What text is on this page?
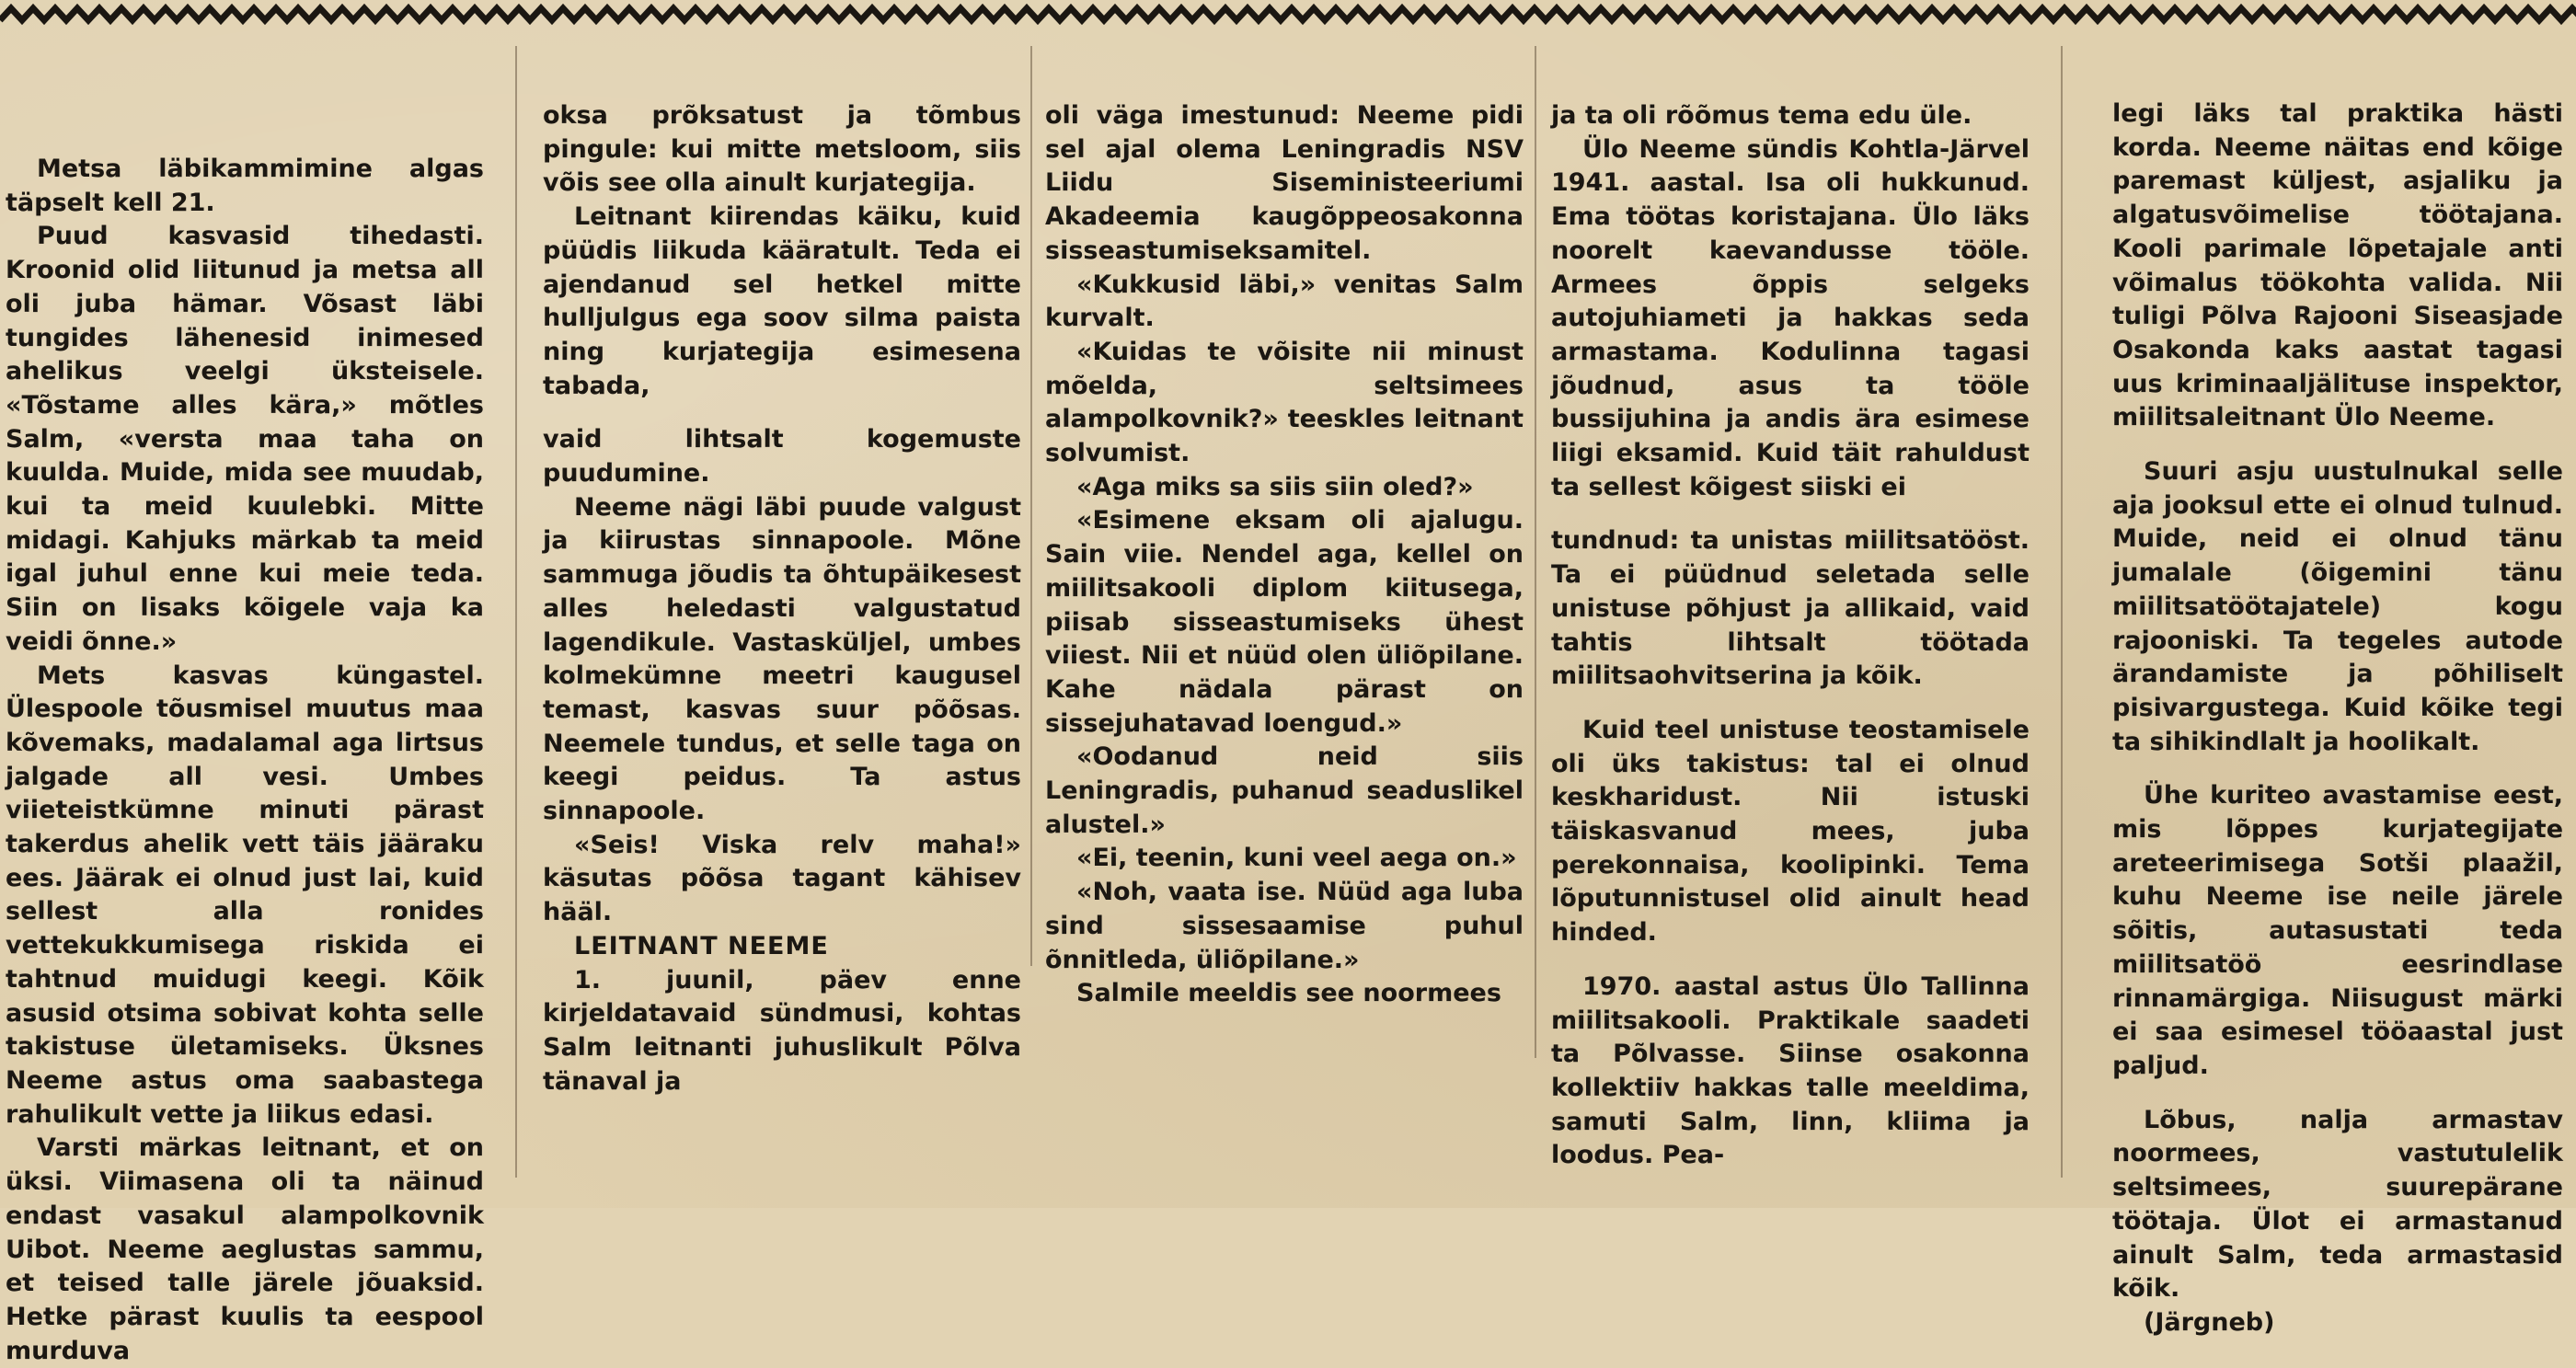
Metsa läbikammimine algas täpselt kell 21.

Puud kasvasid tihedasti. Kroonid olid liitunud ja metsa all oli juba hämar. Võsast läbi tungides lähenesid inimesed ahelikus veelgi üksteisele. «Tõstame alles kära,» mõtles Salm, «versta maa taha on kuulda. Muide, mida see muudab, kui ta meid kuulebki. Mitte midagi. Kahjuks märkab ta meid igal juhul enne kui meie teda. Siin on lisaks kõigele vaja ka veidi õnne.»

Mets kasvas küngastel. Ülespoole tõusmisel muutus maa kõvemaks, madalamal aga lirtsus jalgade all vesi. Umbes viieteistkümne minuti pärast takerdus ahelik vett täis jääraku ees. Jäärak ei olnud just lai, kuid sellest alla ronides vettekukkumisega riskida ei tahtnud muidugi keegi. Kõik asusid otsima sobivat kohta selle takistuse ületamiseks. Üksnes Neeme astus oma saabastega rahulikult vette ja liikus edasi.

Varsti märkas leitnant, et on üksi. Viimasena oli ta näinud endast vasakul alampolkovnik Uibot. Neeme aeglustas sammu, et teised talle järele jõuaksid. Hetke pärast kuulis ta eespool murduva

oksa prõksatust ja tõmbus pingule: kui mitte metsloom, siis võis see olla ainult kurjategija.

Leitnant kiirendas käiku, kuid püüdis liikuda kääratult. Teda ei ajendanud sel hetkel mitte hulljulgus ega soov silma paista ning kurjategija esimesena tabada,

vaid lihtsalt kogemuste puudumine.

Neeme nägi läbi puude valgust ja kiirustas sinnapoole. Mõne sammuga jõudis ta õhtupäikesest alles heledasti valgustatud lagendikule. Vastasküljel, umbes kolmekümne meetri kaugusel temast, kasvas suur põõsas. Neemele tundus, et selle taga on keegi peidus. Ta astus sinnapoole.

«Seis! Viska relv maha!» käsutas põõsa tagant kähisev hääl.

LEITNANT NEEME

1. juunil, päev enne kirjeldatavaid sündmusi, kohtas Salm leitnanti juhuslikult Põlva tänaval ja

oli väga imestunud: Neeme pidi sel ajal olema Leningradis NSV Liidu Siseministeeriumi Akadeemia kaugõppeosakonna sisseastumiseksamitel.

«Kukkusid läbi,» venitas Salm kurvalt.

«Kuidas te võisite nii minust mõelda, seltsimees alampolkovnik?» teeskles leitnant solvumist.

«Aga miks sa siis siin oled?»

«Esimene eksam oli ajalugu. Sain viie. Nendel aga, kellel on miilitsakooli diplom kiitusega, piisab sisseastumiseks ühest viiest. Nii et nüüd olen üliõpilane. Kahe nädala pärast on sissejuhatavad loengud.»

«Oodanud neid siis Leningradis, puhanud seaduslikel alustel.»

«Ei, teenin, kuni veel aega on.»

«Noh, vaata ise. Nüüd aga luba sind sissesaamise puhul õnnitleda, üliõpilane.»

Salmile meeldis see noormees

ja ta oli rõõmus tema edu üle.

Ülo Neeme sündis Kohtla-Järvel 1941. aastal. Isa oli hukkunud. Ema töötas koristajana. Ülo läks noorelt kaevandusse tööle. Armees õppis selgeks autojuhiameti ja hakkas seda armastama. Kodulinna tagasi jõudnud, asus ta tööle bussijuhina ja andis ära esimese liigi eksamid. Kuid täit rahuldust ta sellest kõigest siiski ei

tundnud: ta unistas miilitsatööst. Ta ei püüdnud seletada selle unistuse põhjust ja allikaid, vaid tahtis lihtsalt töötada miilitsaohvitserina ja kõik.

Kuid teel unistuse teostamisele oli üks takistus: tal ei olnud keskharidust. Nii istuski täiskasvanud mees, juba perekonnaisa, koolipinki. Tema lõputunnistusel olid ainult head hinded.

1970. aastal astus Ülo Tallinna miilitsakooli. Praktikale saadeti ta Põlvasse. Siinse osakonna kollektiiv hakkas talle meeldima, samuti Salm, linn, kliima ja loodus. Pea-

legi läks tal praktika hästi korda. Neeme näitas end kõige paremast küljest, asjaliku ja algatusvõimelise töötajana. Kooli parimale lõpetajale anti võimalus töökohta valida. Nii tuligi Põlva Rajooni Siseasjade Osakonda kaks aastat tagasi uus kriminaaljälituse inspektor, miilitsaleitnant Ülo Neeme.

Suuri asju uustulnukal selle aja jooksul ette ei olnud tulnud. Muide, neid ei olnud tänu jumalale (õigemini tänu miilitsatöötajatele) kogu rajooniski. Ta tegeles autode ärandamiste ja põhiliselt pisivargustega. Kuid kõike tegi ta sihikindlalt ja hoolikalt.

Ühe kuriteo avastamise eest, mis lõppes kurjategijate areteerimisega Sotši plaažil, kuhu Neeme ise neile järele sõitis, autasustati teda miilitsatöö eesrindlase rinnamärgiga. Niisugust märki ei saa esimesel tööaastal just paljud.

Lõbus, nalja armastav noormees, vastutulelik seltsimees, suurepärane töötaja. Ülot ei armastanud ainult Salm, teda armastasid kõik.

(Järgneb)
